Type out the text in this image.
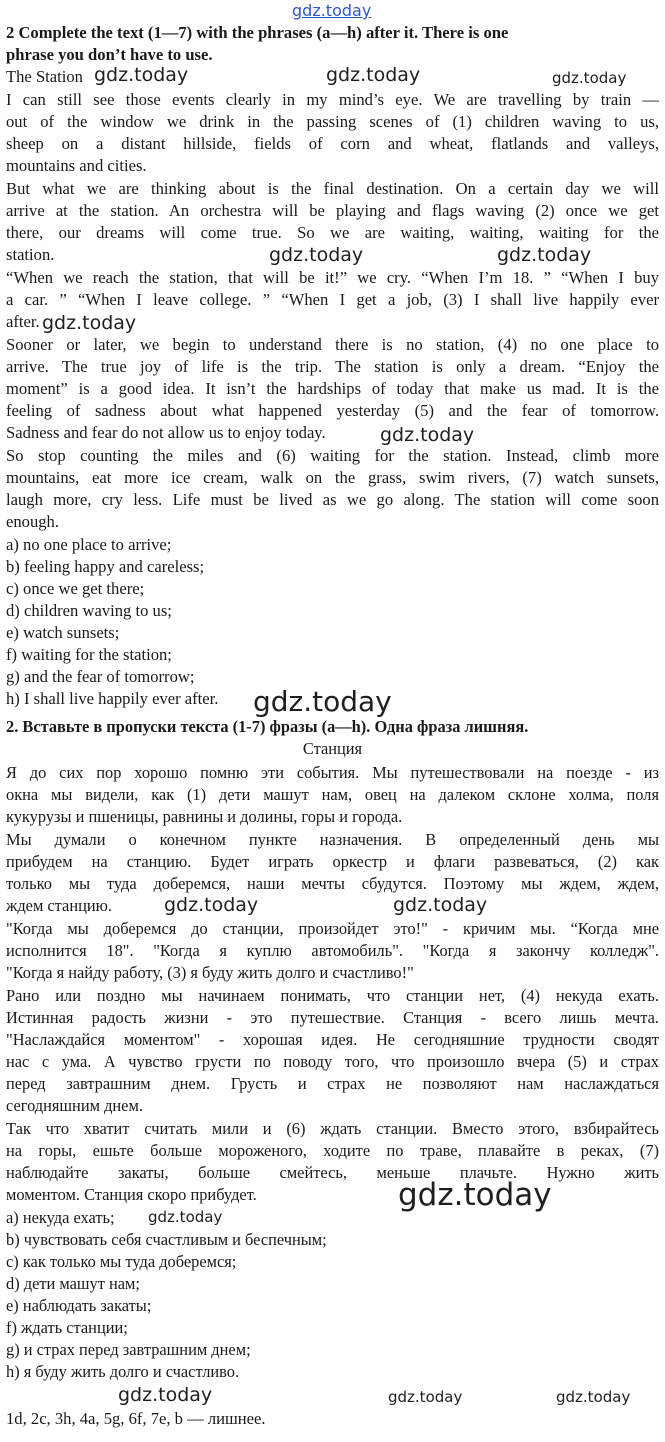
2 Complete the text (1—7) with the phrases (a—h) after it. There is one
phrase you don’t have to use.
The Station
I can still see those events clearly in my mind’s eye. We are travelling by train —
out of the window we drink in the passing scenes of (1) children waving to us,
sheep on a distant hillside, fields of corn and wheat, flatlands and valleys,
mountains and cities.
But what we are thinking about is the final destination. On a certain day we will
arrive at the station. An orchestra will be playing and flags waving (2) once we get
there, our dreams will come true. So we are waiting, waiting, waiting for the
station.
“When we reach the station, that will be it!” we cry. “When I’m 18. ” “When I buy
a car. ” “When I leave college. ” “When I get a job, (3) I shall live happily ever
after.
Sooner or later, we begin to understand there is no station, (4) no one place to
arrive. The true joy of life is the trip. The station is only a dream. “Enjoy the
moment” is a good idea. It isn’t the hardships of today that make us mad. It is the
feeling of sadness about what happened yesterday (5) and the fear of tomorrow.
Sadness and fear do not allow us to enjoy today.
So stop counting the miles and (6) waiting for the station. Instead, climb more
mountains, eat more ice cream, walk on the grass, swim rivers, (7) watch sunsets,
laugh more, cry less. Life must be lived as we go along. The station will come soon
enough.
a) no one place to arrive;
b) feeling happy and careless;
c) once we get there;
d) children waving to us;
e) watch sunsets;
f) waiting for the station;
g) and the fear of tomorrow;
h) I shall live happily ever after.
2. Вставьте в пропуски текста (1-7) фразы (a—h). Одна фраза лишняя.
Станция
Я до сих пор хорошо помню эти события. Мы путешествовали на поезде - из
окна мы видели, как (1) дети машут нам, овец на далеком склоне холма, поля
кукурузы и пшеницы, равнины и долины, горы и города.
Мы думали о конечном пункте назначения. В определенный день мы
прибудем на станцию. Будет играть оркестр и флаги развеваться, (2) как
только мы туда доберемся, наши мечты сбудутся. Поэтому мы ждем, ждем,
ждем станцию.
"Когда мы доберемся до станции, произойдет это!" - кричим мы. “Когда мне
исполнится 18". "Когда я куплю автомобиль". "Когда я закончу колледж".
"Когда я найду работу, (3) я буду жить долго и счастливо!"
Рано или поздно мы начинаем понимать, что станции нет, (4) некуда ехать.
Истинная радость жизни - это путешествие. Станция - всего лишь мечта.
"Наслаждайся моментом" - хорошая идея. Не сегодняшние трудности сводят
нас с ума. А чувство грусти по поводу того, что произошло вчера (5) и страх
перед завтрашним днем. Грусть и страх не позволяют нам наслаждаться
сегодняшним днем.
Так что хватит считать мили и (6) ждать станции. Вместо этого, взбирайтесь
на горы, ешьте больше мороженого, ходите по траве, плавайте в реках, (7)
наблюдайте закаты, больше смейтесь, меньше плачьте. Нужно жить
моментом. Станция скоро прибудет.
a) некуда ехать;
b) чувствовать себя счастливым и беспечным;
c) как только мы туда доберемся;
d) дети машут нам;
e) наблюдать закаты;
f) ждать станции;
g) и страх перед завтрашним днем;
h) я буду жить долго и счастливо.
1d, 2c, 3h, 4a, 5g, 6f, 7e, b — лишнее.
gdz.today
gdz.today	gdz.today	gdz.today
gdz.today	gdz.today
gdz.today
gdz.today
gdz.today
gdz.today	gdz.today
gdz.today
gdz.today
gdz.today	gdz.today	gdz.today
